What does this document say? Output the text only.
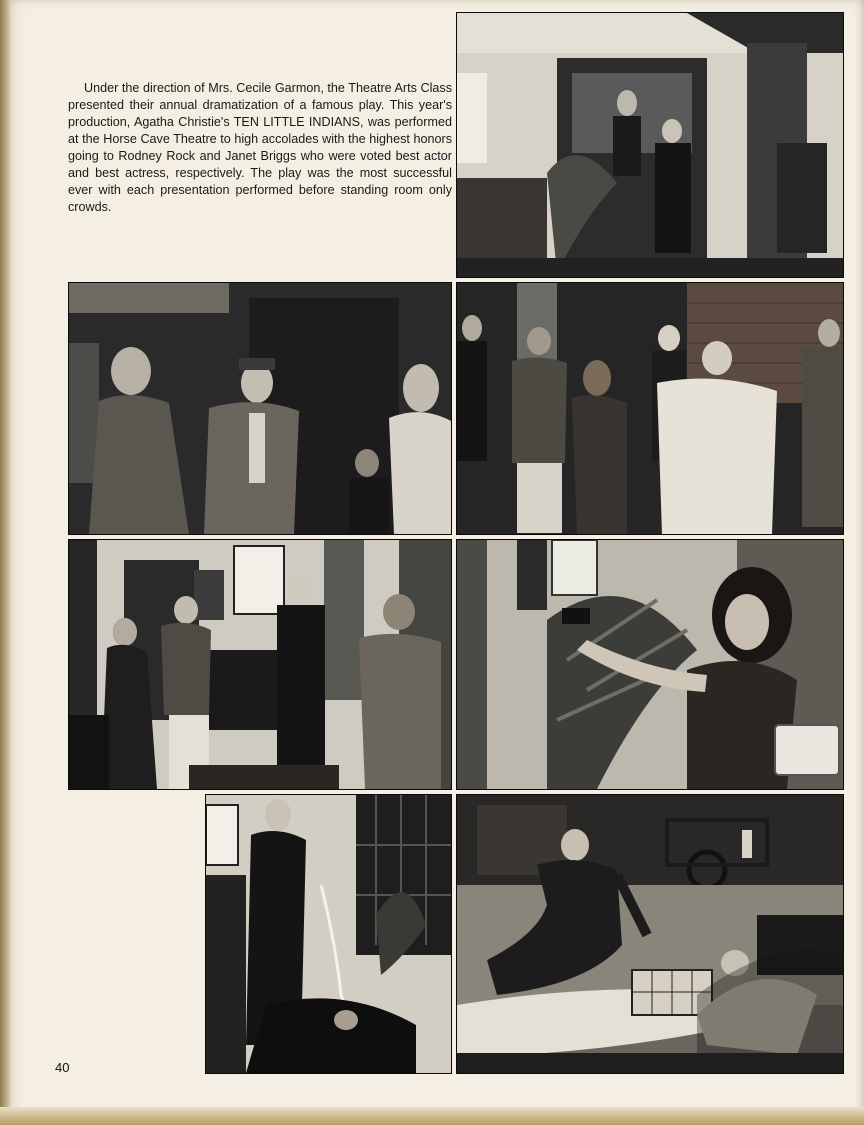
Under the direction of Mrs. Cecile Garmon, the Theatre Arts Class presented their annual dramatization of a famous play. This year's production, Agatha Christie's TEN LITTLE INDIANS, was performed at the Horse Cave Theatre to high accolades with the highest honors going to Rodney Rock and Janet Briggs who were voted best actor and best actress, respectively. The play was the most successful ever with each presentation performed before standing room only crowds.

40
